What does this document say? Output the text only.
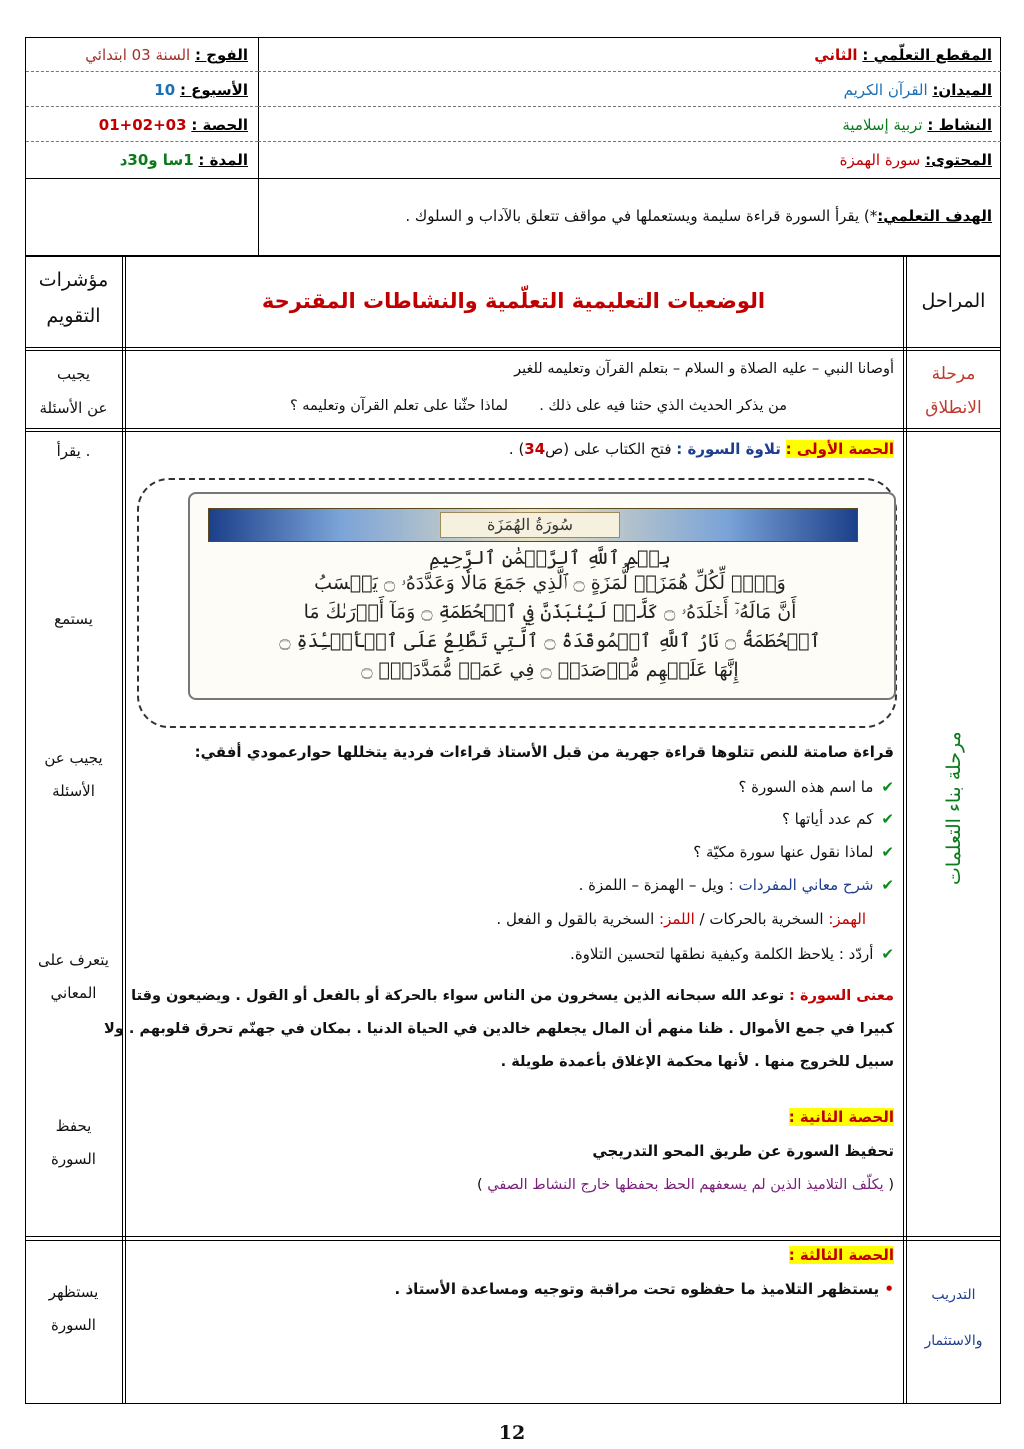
المقطع التعلّمي : الثاني
الميدان: القرآن الكريم
النشاط : تربية إسلامية
المحتوى: سورة الهمزة
الهدف التعلمي:*) يقرأ السورة قراءة سليمة ويستعملها في مواقف تتعلق بالآداب و السلوك .
الفوج : السنة 03 ابتدائي
الأسبوع : 10
الحصة : 01+02+03
المدة : 1سا و30د
المراحل
الوضعيات التعليمية التعلّمية والنشاطات المقترحة
مؤشرات
التقويم
مرحلة
الانطلاق
أوصانا النبي – عليه الصلاة و السلام – بتعلم القرآن وتعليمه للغير
من يذكر الحديث الذي حثنا فيه على ذلك .  لماذا حثّنا على تعلم القرآن وتعليمه ؟
يجيب
عن الأسئلة
مرحلة بناء التعلمات
الحصة الأولى : تلاوة السورة : فتح الكتاب على (ص34) .
سُورَةُ الهُمَزَة
بِسۡمِ ٱللَّهِ ٱلرَّحۡمَٰنِ ٱلرَّحِيمِ
وَيۡلٞ لِّكُلِّ هُمَزَةٖ لُّمَزَةٍ ۝ ٱلَّذِي جَمَعَ مَالٗا وَعَدَّدَهُۥ ۝ يَحۡسَبُ
أَنَّ مَالَهُۥٓ أَخۡلَدَهُۥ ۝ كَلَّاۖ لَيُنۢبَذَنَّ فِي ٱلۡحُطَمَةِ ۝ وَمَآ أَدۡرَىٰكَ مَا
ٱلۡحُطَمَةُ ۝ نَارُ ٱللَّهِ ٱلۡمُوقَدَةُ ۝ ٱلَّتِي تَطَّلِعُ عَلَى ٱلۡأَفۡـِٔدَةِ ۝
إِنَّهَا عَلَيۡهِم مُّؤۡصَدَةٞ ۝ فِي عَمَدٖ مُّمَدَّدَةِۭ ۝
قراءة صامتة للنص تتلوها قراءة جهرية من قبل الأستاذ قراءات فردية يتخللها حوارعمودي أفقي:
✔ما اسم هذه السورة ؟
✔كم عدد أياتها ؟
✔لماذا نقول عنها سورة مكيّة ؟
✔شرح معاني المفردات : ويل – الهمزة – اللمزة .
الهمز: السخرية بالحركات / اللمز: السخرية بالقول و الفعل .
✔أردّد : يلاحظ الكلمة وكيفية نطقها لتحسين التلاوة.
معنى السورة : توعد الله سبحانه الذين يسخرون من الناس سواء بالحركة أو بالفعل أو القول . ويضيعون وقتا
كبيرا في جمع الأموال . ظنا منهم أن المال يجعلهم خالدين في الحياة الدنيا . بمكان في جهنّم تحرق قلوبهم . ولا
سبيل للخروج منها . لأنها محكمة الإغلاق بأعمدة طويلة .
الحصة الثانية :
تحفيظ السورة عن طريق المحو التدريجي
( يكلّف التلاميذ الذين لم يسعفهم الحظ بحفظها خارج النشاط الصفي )
يقرأ .
يستمع
يجيب عن
الأسئلة
يتعرف على
المعاني
يحفظ
السورة
التدريب
والاستثمار
الحصة الثالثة :
• يستظهر التلاميذ ما حفظوه تحت مراقبة وتوجيه ومساعدة الأستاذ .
يستظهر
السورة
12
